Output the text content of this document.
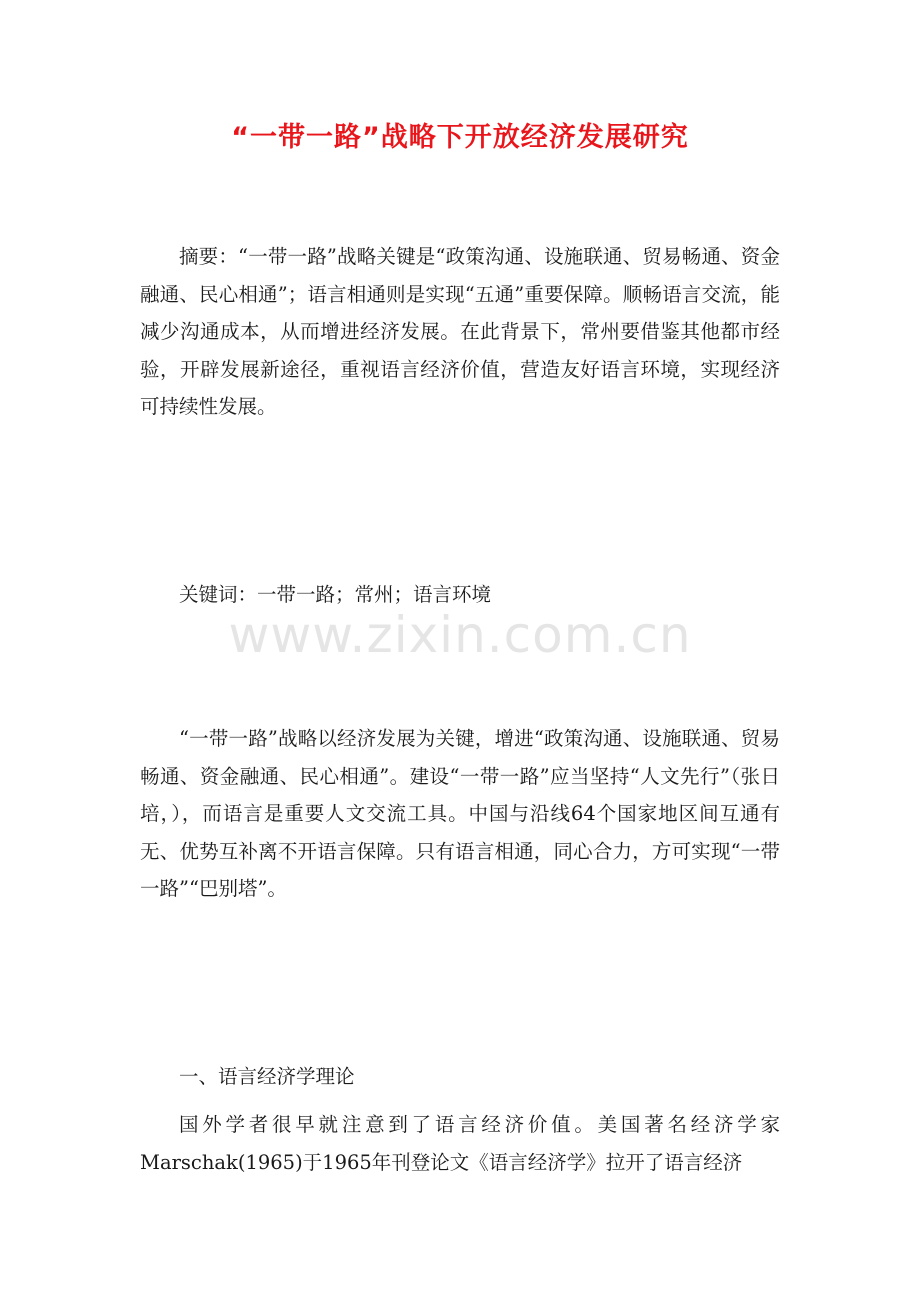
“一带一路”战略下开放经济发展研究

摘要：“一带一路”战略关键是“政策沟通、设施联通、贸易畅通、资金融通、民心相通”；语言相通则是实现“五通”重要保障。顺畅语言交流，能减少沟通成本，从而增进经济发展。在此背景下，常州要借鉴其他都市经验，开辟发展新途径，重视语言经济价值，营造友好语言环境，实现经济可持续性发展。

关键词：一带一路；常州；语言环境

www.zixin.com.cn

“一带一路”战略以经济发展为关键，增进“政策沟通、设施联通、贸易畅通、资金融通、民心相通”。建设“一带一路”应当坚持“人文先行”（张日培，），而语言是重要人文交流工具。中国与沿线64个国家地区间互通有无、优势互补离不开语言保障。只有语言相通，同心合力，方可实现“一带一路”“巴别塔”。

一、语言经济学理论

国外学者很早就注意到了语言经济价值。美国著名经济学家Marschak(1965)于1965年刊登论文《语言经济学》拉开了语言经济
